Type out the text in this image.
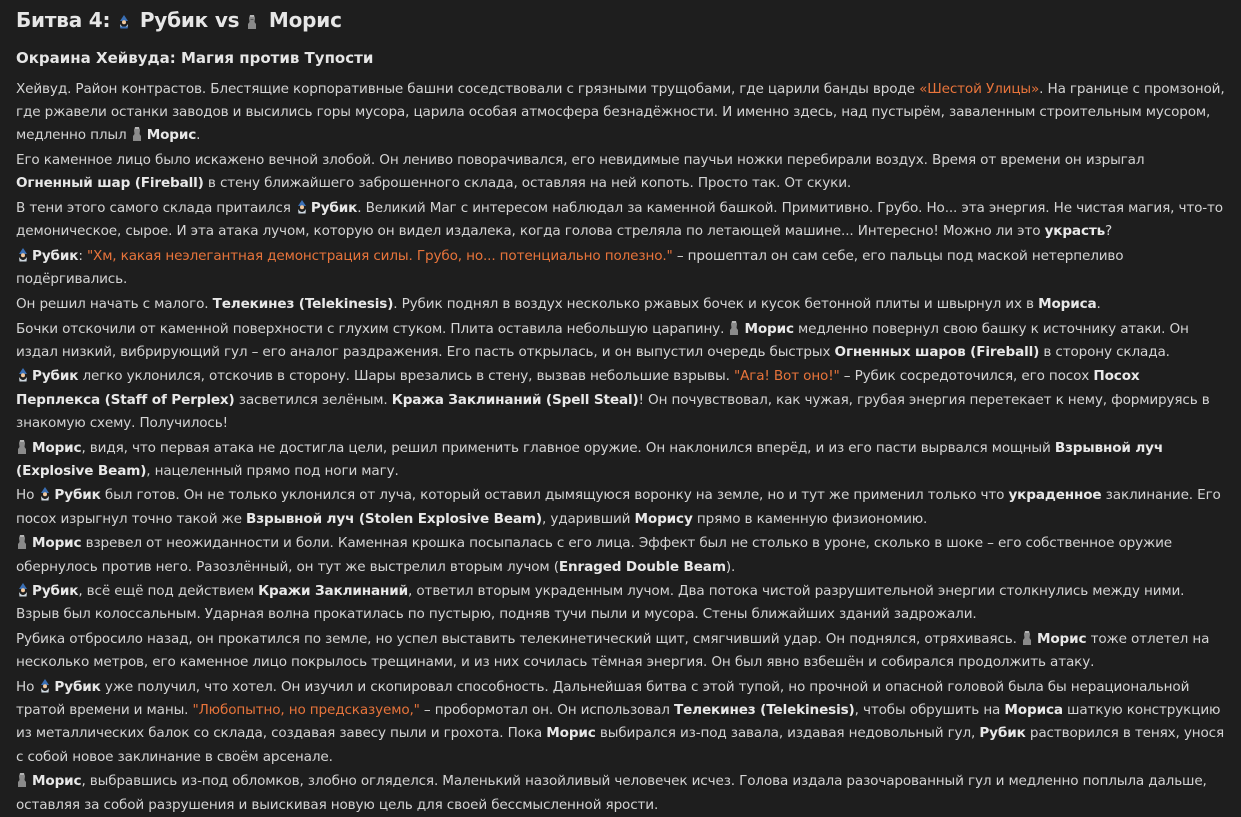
Битва 4: Рубик vs Морис
Окраина Хейвуда: Магия против Тупости

Хейвуд. Район контрастов. Блестящие корпоративные башни соседствовали с грязными трущобами, где царили банды вроде «Шестой Улицы». На границе с промзоной, где ржавели останки заводов и высились горы мусора, царила особая атмосфера безнадёжности. И именно здесь, над пустырём, заваленным строительным мусором, медленно плыл
Морис.

Его каменное лицо было искажено вечной злобой. Он лениво поворачивался, его невидимые паучьи ножки перебирали воздух. Время от времени он изрыгал Огненный шар (Fireball) в стену ближайшего заброшенного склада, оставляя на ней копоть. Просто так. От скуки.

В тени этого самого склада притаился
Рубик. Великий Маг с интересом наблюдал за каменной башкой. Примитивно. Грубо. Но... эта энергия. Не чистая магия, что-то демоническое, сырое. И эта атака лучом, которую он видел издалека, когда голова стреляла по летающей машине... Интересно! Можно ли это украсть?

Рубик: "Хм, какая неэлегантная демонстрация силы. Грубо, но... потенциально полезно." – прошептал он сам себе, его пальцы под маской нетерпеливо подёргивались.

Он решил начать с малого. Телекинез (Telekinesis). Рубик поднял в воздух несколько ржавых бочек и кусок бетонной плиты и швырнул их в Мориса.

Бочки отскочили от каменной поверхности с глухим стуком. Плита оставила небольшую царапину.
Морис медленно повернул свою башку к источнику атаки. Он издал низкий, вибрирующий гул – его аналог раздражения. Его пасть открылась, и он выпустил очередь быстрых Огненных шаров (Fireball) в сторону склада.

Рубик легко уклонился, отскочив в сторону. Шары врезались в стену, вызвав небольшие взрывы. "Ага! Вот оно!" – Рубик сосредоточился, его посох Посох Перплекса (Staff of Perplex) засветился зелёным. Кража Заклинаний (Spell Steal)! Он почувствовал, как чужая, грубая энергия перетекает к нему, формируясь в знакомую схему. Получилось!

Морис, видя, что первая атака не достигла цели, решил применить главное оружие. Он наклонился вперёд, и из его пасти вырвался мощный Взрывной луч (Explosive Beam), нацеленный прямо под ноги магу.

Но
Рубик был готов. Он не только уклонился от луча, который оставил дымящуюся воронку на земле, но и тут же применил только что украденное заклинание. Его посох изрыгнул точно такой же Взрывной луч (Stolen Explosive Beam), ударивший Морису прямо в каменную физиономию.

Морис взревел от неожиданности и боли. Каменная крошка посыпалась с его лица. Эффект был не столько в уроне, сколько в шоке – его собственное оружие обернулось против него. Разозлённый, он тут же выстрелил вторым лучом (Enraged Double Beam).

Рубик, всё ещё под действием Кражи Заклинаний, ответил вторым украденным лучом. Два потока чистой разрушительной энергии столкнулись между ними. Взрыв был колоссальным. Ударная волна прокатилась по пустырю, подняв тучи пыли и мусора. Стены ближайших зданий задрожали.

Рубика отбросило назад, он прокатился по земле, но успел выставить телекинетический щит, смягчивший удар. Он поднялся, отряхиваясь.
Морис тоже отлетел на несколько метров, его каменное лицо покрылось трещинами, и из них сочилась тёмная энергия. Он был явно взбешён и собирался продолжить атаку.

Но
Рубик уже получил, что хотел. Он изучил и скопировал способность. Дальнейшая битва с этой тупой, но прочной и опасной головой была бы нерациональной тратой времени и маны. "Любопытно, но предсказуемо," – пробормотал он. Он использовал Телекинез (Telekinesis), чтобы обрушить на Мориса шаткую конструкцию из металлических балок со склада, создавая завесу пыли и грохота. Пока Морис выбирался из-под завала, издавая недовольный гул, Рубик растворился в тенях, унося с собой новое заклинание в своём арсенале.

Морис, выбравшись из-под обломков, злобно огляделся. Маленький назойливый человечек исчез. Голова издала разочарованный гул и медленно поплыла дальше, оставляя за собой разрушения и выискивая новую цель для своей бессмысленной ярости.
